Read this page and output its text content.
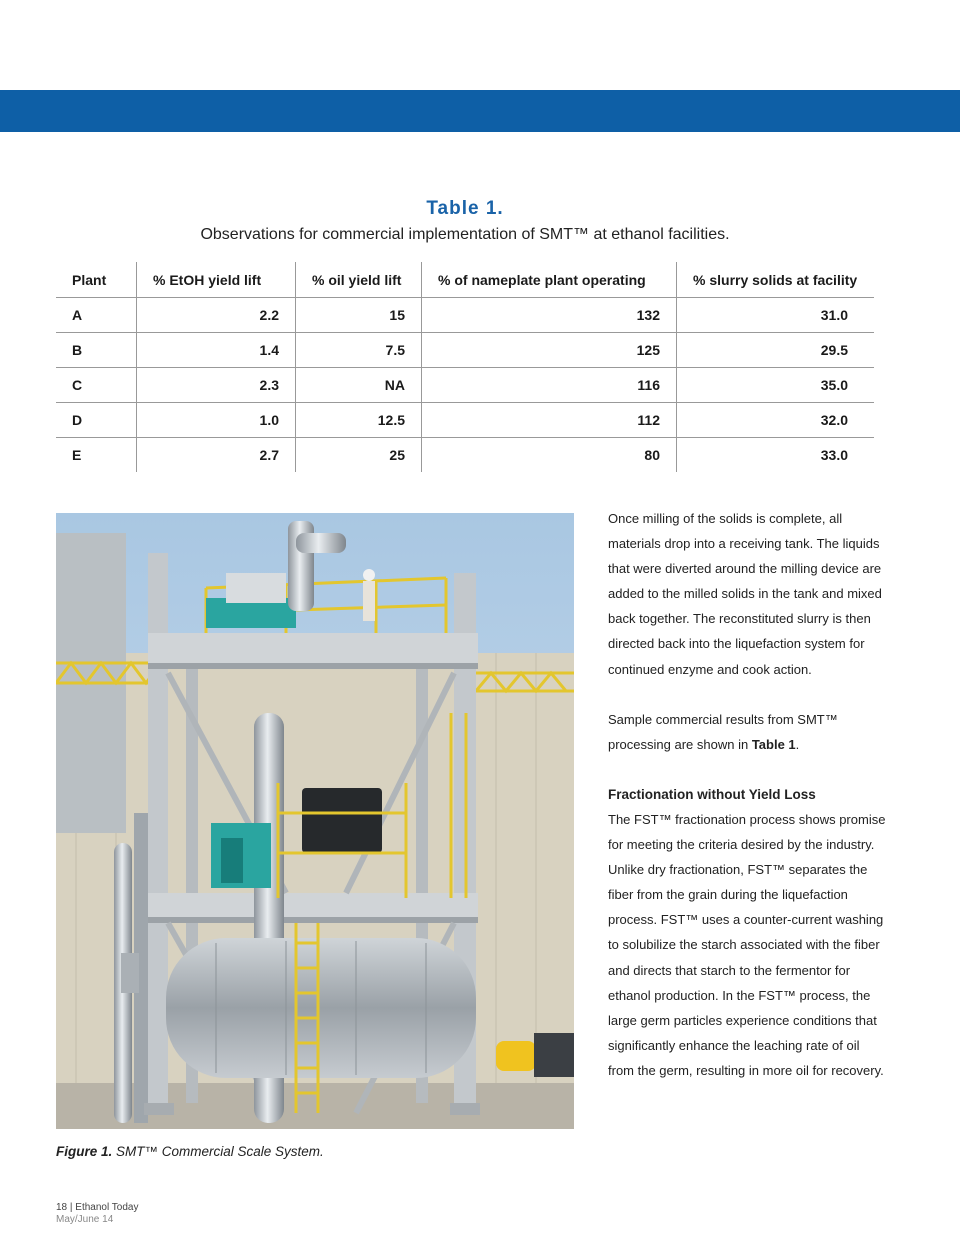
Table 1.
Observations for commercial implementation of SMT™ at ethanol facilities.
Plant	% EtOH yield lift	% oil yield lift	% of nameplate plant operating	% slurry solids at facility
A	2.2	15	132	31.0
B	1.4	7.5	125	29.5
C	2.3	NA	116	35.0
D	1.0	12.5	112	32.0
E	2.7	25	80	33.0
Figure 1. SMT™ Commercial Scale System.

Once milling of the solids is complete, all materials drop into a receiving tank. The liquids that were diverted around the milling device are added to the milled solids in the tank and mixed back together. The reconstituted slurry is then directed back into the liquefaction system for continued enzyme and cook action.

Sample commercial results from SMT™ processing are shown in Table 1.

Fractionation without Yield Loss

The FST™ fractionation process shows promise for meeting the criteria desired by the industry. Unlike dry fractionation, FST™ separates the fiber from the grain during the liquefaction process. FST™ uses a counter-current washing to solubilize the starch associated with the fiber and directs that starch to the fermentor for ethanol production. In the FST™ process, the large germ particles experience conditions that significantly enhance the leaching rate of oil from the germ, resulting in more oil for recovery.

18 | Ethanol Today
May/June 14
